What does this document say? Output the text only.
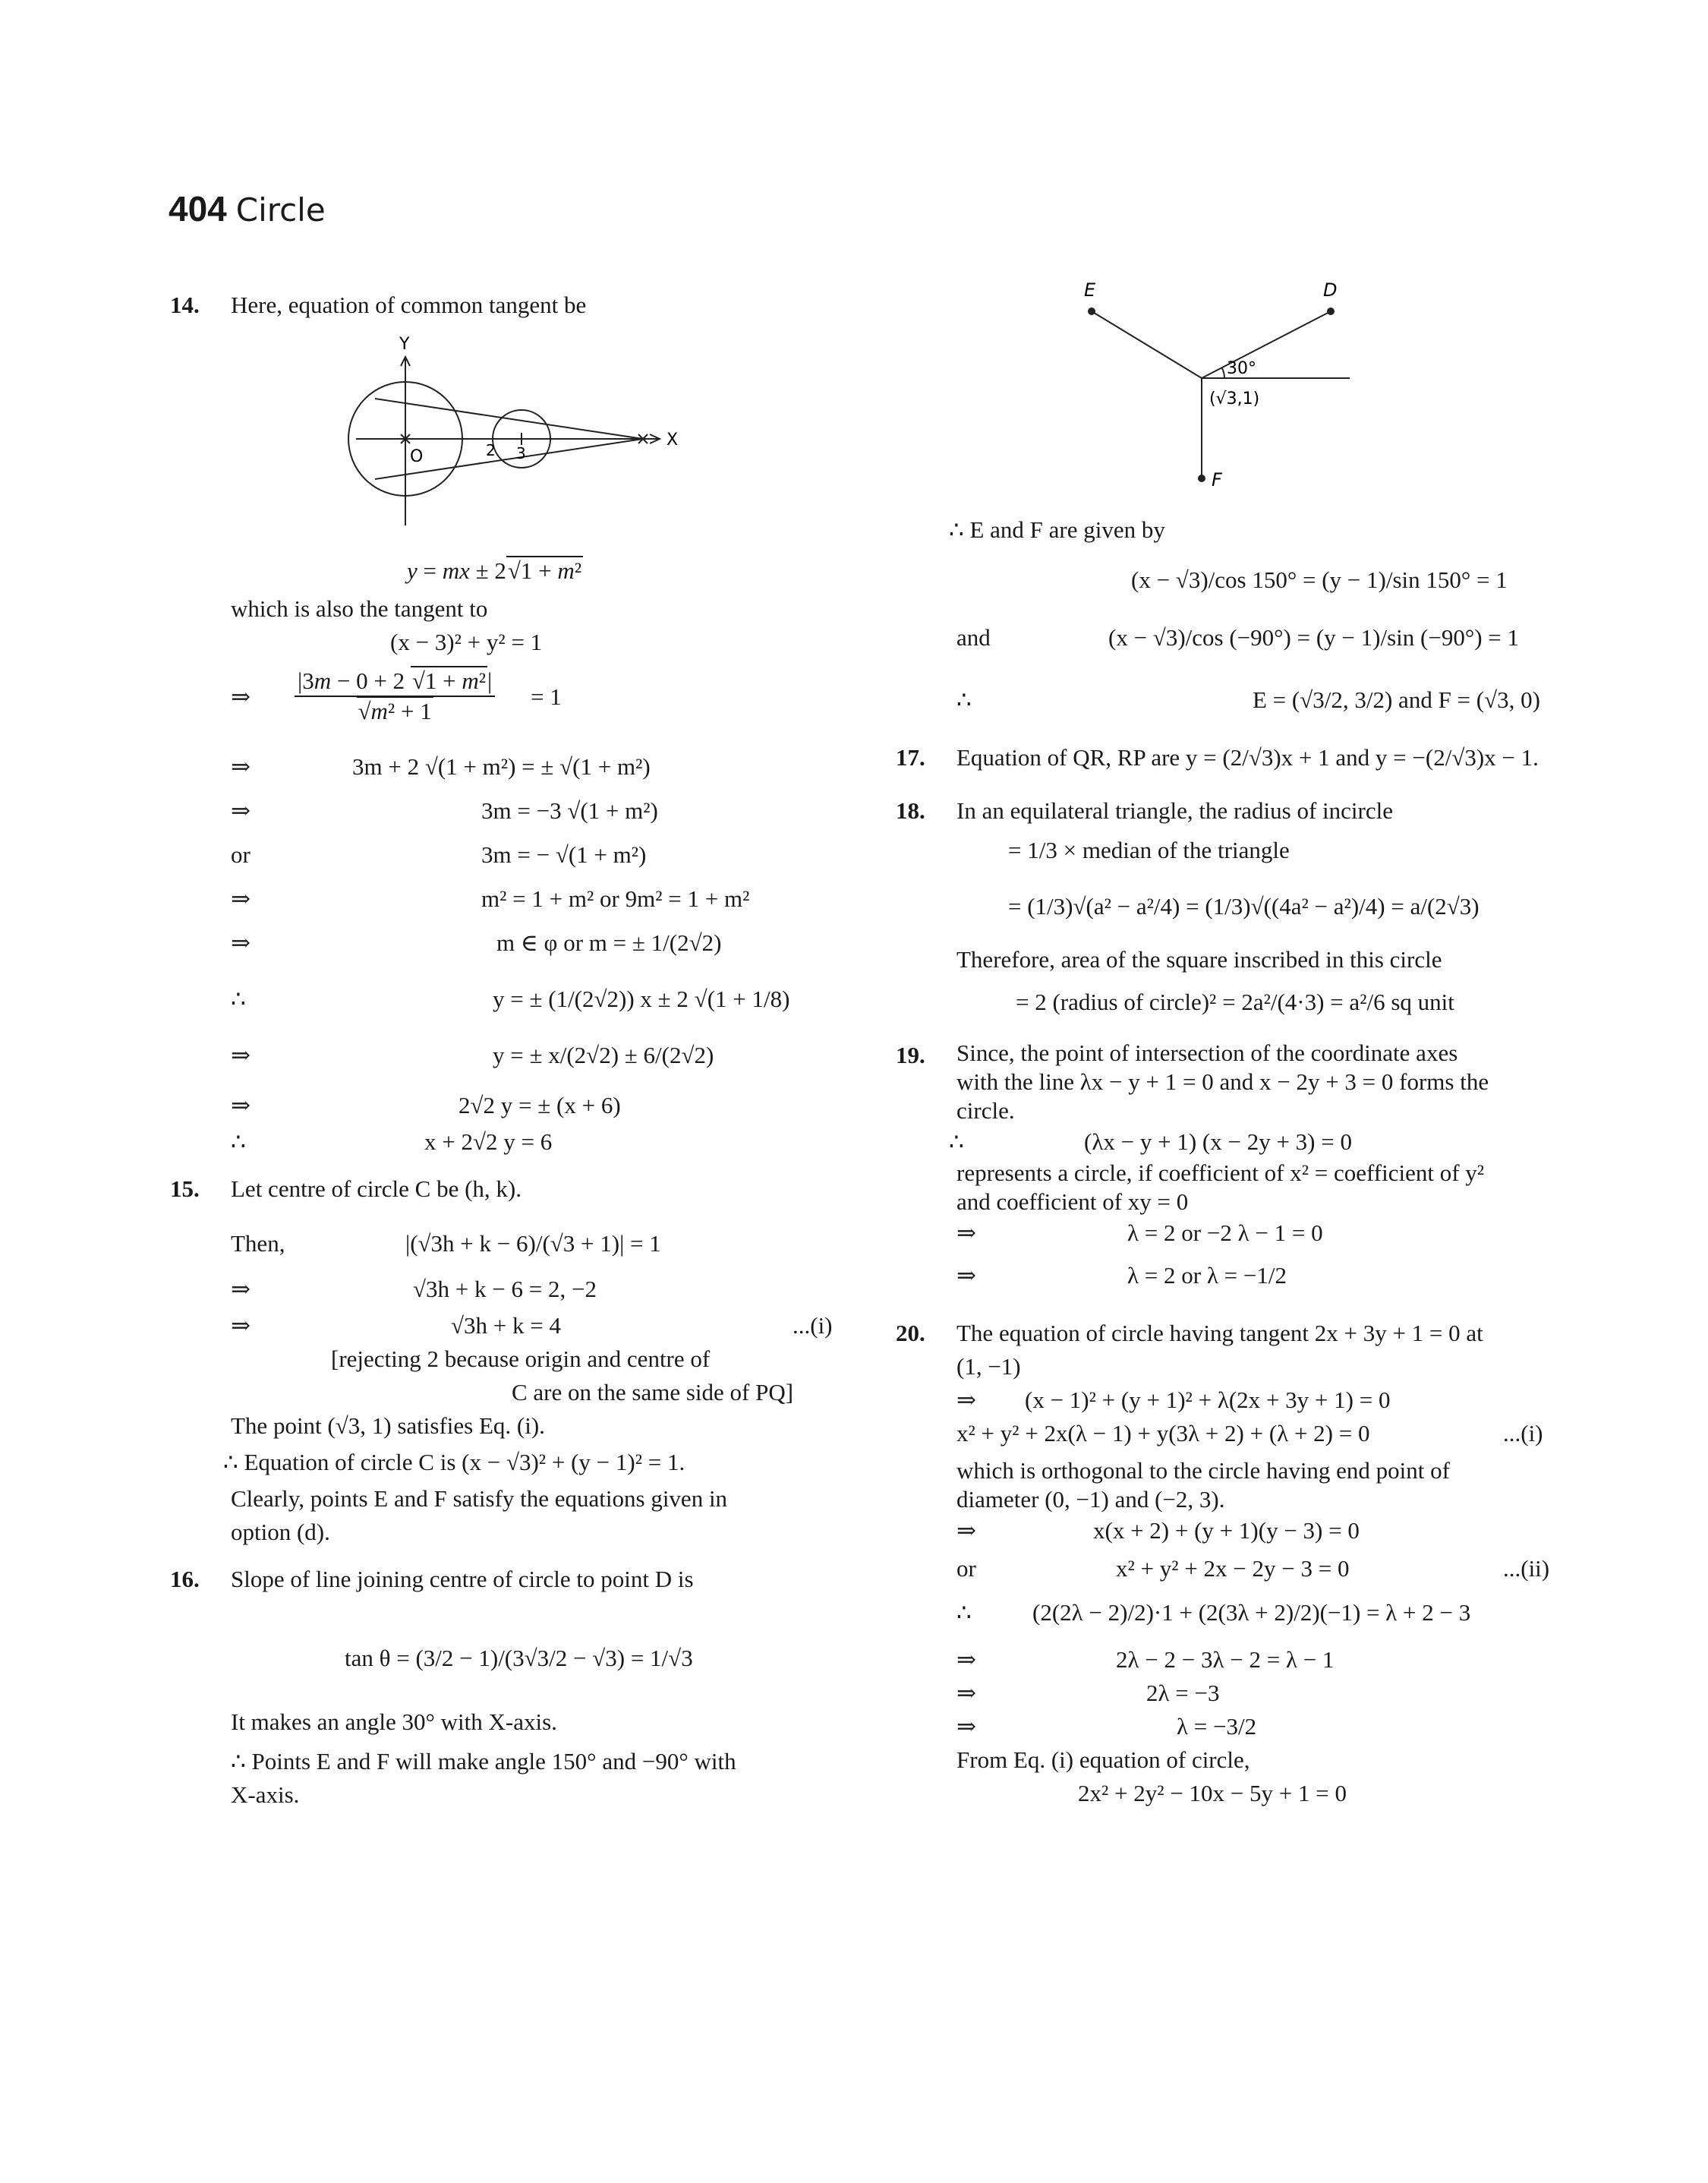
404 Circle
14. Here, equation of common tangent be
Y
X
O	2 3
y = mx ± 2√1 + m²
which is also the tangent to
(x − 3)² + y² = 1
⇒
|3m − 0 + 2 √1 + m²|
√m² + 1
= 1
⇒	3m + 2 √(1 + m²) = ± √(1 + m²)
⇒	3m = −3 √(1 + m²)
or	3m = − √(1 + m²)
⇒	m² = 1 + m² or 9m² = 1 + m²
⇒	m ∈ φ or m = ± 1/(2√2)
∴	y = ± (1/(2√2)) x ± 2 √(1 + 1/8)
⇒	y = ± x/(2√2) ± 6/(2√2)
⇒	2√2 y = ± (x + 6)
∴	x + 2√2 y = 6
15. Let centre of circle C be (h, k).
Then,	|(√3h + k − 6)/(√3 + 1)| = 1
⇒	√3h + k − 6 = 2, −2
⇒	√3h + k = 4	...(i)
[rejecting 2 because origin and centre of
C are on the same side of PQ]
The point (√3, 1) satisfies Eq. (i).
∴ Equation of circle C is (x − √3)² + (y − 1)² = 1.
Clearly, points E and F satisfy the equations given in
option (d).
16. Slope of line joining centre of circle to point D is
tan θ = (3/2 − 1)/(3√3/2 − √3) = 1/√3
It makes an angle 30° with X-axis.
∴ Points E and F will make angle 150° and −90° with
X-axis.
E	D
F
30°
(√3,1)
∴ E and F are given by
(x − √3)/cos 150° = (y − 1)/sin 150° = 1
and	(x − √3)/cos (−90°) = (y − 1)/sin (−90°) = 1
∴	E = (√3/2, 3/2) and F = (√3, 0)
17. Equation of QR, RP are y = (2/√3)x + 1 and y = −(2/√3)x − 1.
18. In an equilateral triangle, the radius of incircle
= 1/3 × median of the triangle
= (1/3)√(a² − a²/4) = (1/3)√((4a² − a²)/4) = a/(2√3)
Therefore, area of the square inscribed in this circle
= 2 (radius of circle)² = 2a²/(4·3) = a²/6 sq unit
19. Since, the point of intersection of the coordinate axes
with the line λx − y + 1 = 0 and x − 2y + 3 = 0 forms the
circle.
∴	(λx − y + 1) (x − 2y + 3) = 0
represents a circle, if coefficient of x² = coefficient of y²
and coefficient of xy = 0
⇒	λ = 2 or −2 λ − 1 = 0
⇒	λ = 2 or λ = −1/2
20. The equation of circle having tangent 2x + 3y + 1 = 0 at
(1, −1)
⇒ (x − 1)² + (y + 1)² + λ(2x + 3y + 1) = 0
x² + y² + 2x(λ − 1) + y(3λ + 2) + (λ + 2) = 0	...(i)
which is orthogonal to the circle having end point of
diameter (0, −1) and (−2, 3).
⇒	x(x + 2) + (y + 1)(y − 3) = 0
or	x² + y² + 2x − 2y − 3 = 0	...(ii)
∴	(2(2λ − 2)/2)·1 + (2(3λ + 2)/2)(−1) = λ + 2 − 3
⇒	2λ − 2 − 3λ − 2 = λ − 1
⇒	2λ = −3
⇒	λ = −3/2
From Eq. (i) equation of circle,
2x² + 2y² − 10x − 5y + 1 = 0
